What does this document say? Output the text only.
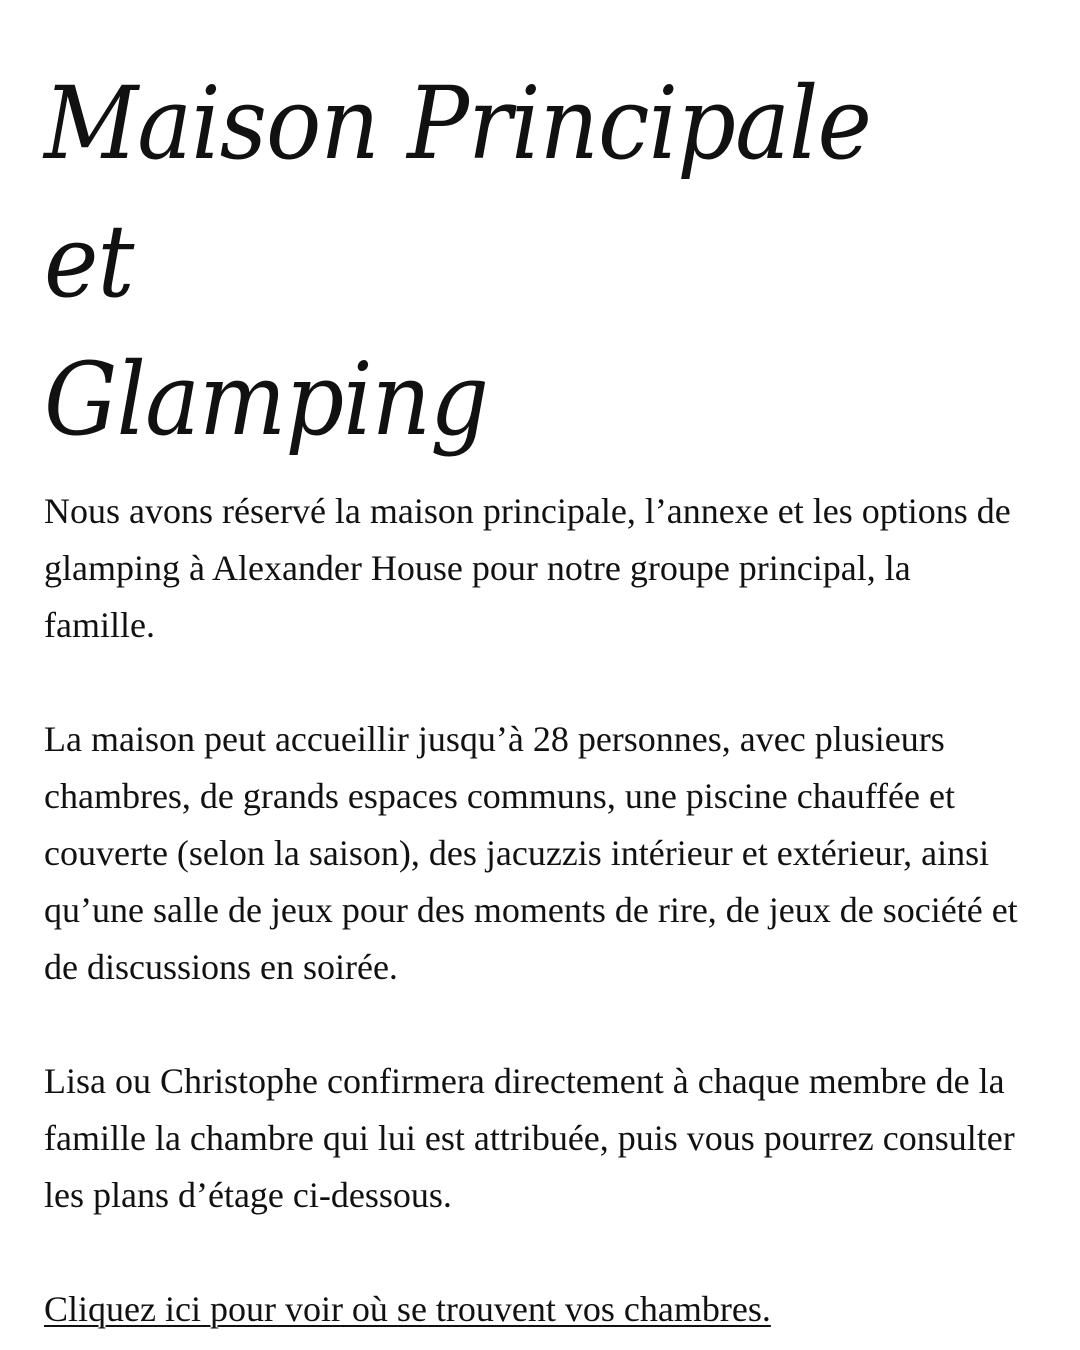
Maison Principale et
Glamping

Nous avons réservé la maison principale, l’annexe et les options de glamping à Alexander House pour notre groupe principal, la famille.

La maison peut accueillir jusqu’à 28 personnes, avec plusieurs chambres, de grands espaces communs, une piscine chauffée et couverte (selon la saison), des jacuzzis intérieur et extérieur, ainsi qu’une salle de jeux pour des moments de rire, de jeux de société et de discussions en soirée.

Lisa ou Christophe confirmera directement à chaque membre de la famille la chambre qui lui est attribuée, puis vous pourrez consulter les plans d’étage ci-dessous.

Cliquez ici pour voir où se trouvent vos chambres.
